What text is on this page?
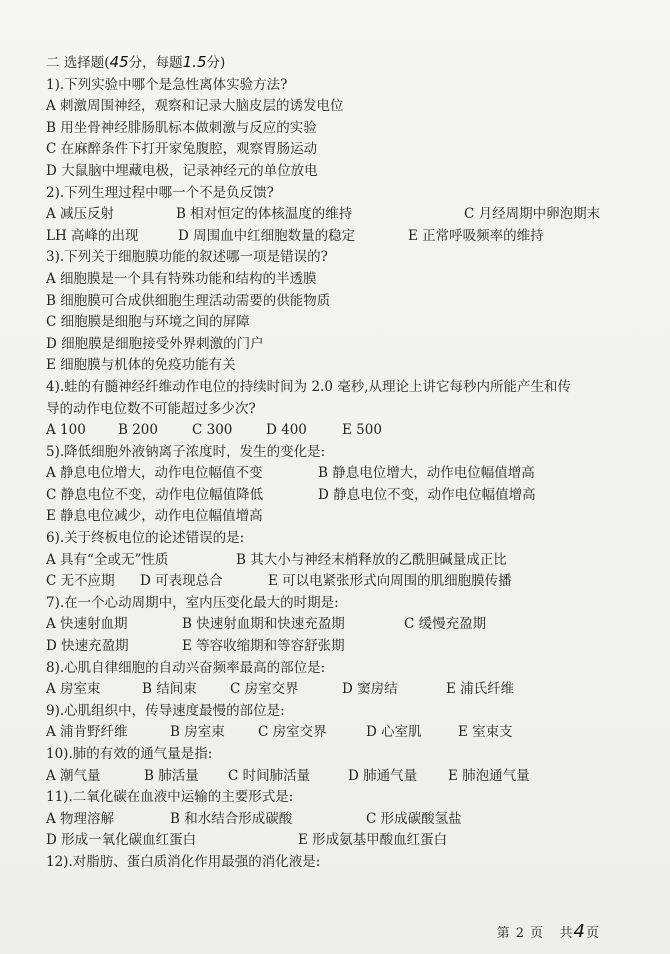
二 选择题(45分，每题1.5分)
1).下列实验中哪个是急性离体实验方法?
A 刺激周围神经，观察和记录大脑皮层的诱发电位
B 用坐骨神经腓肠肌标本做刺激与反应的实验
C 在麻醉条件下打开家兔腹腔，观察胃肠运动
D 大鼠脑中埋藏电极，记录神经元的单位放电
2).下列生理过程中哪一个不是负反馈?
A 减压反射	B 相对恒定的体核温度的维持	C 月经周期中卵泡期末
LH 高峰的出现	D 周围血中红细胞数量的稳定	E 正常呼吸频率的维持
3).下列关于细胞膜功能的叙述哪一项是错误的?
A 细胞膜是一个具有特殊功能和结构的半透膜
B 细胞膜可合成供细胞生理活动需要的供能物质
C 细胞膜是细胞与环境之间的屏障
D 细胞膜是细胞接受外界刺激的门户
E 细胞膜与机体的免疫功能有关
4).蛙的有髓神经纤维动作电位的持续时间为 2.0 毫秒,从理论上讲它每秒内所能产生和传
导的动作电位数不可能超过多少次?
A 100	B 200	C 300	D 400	E 500
5).降低细胞外液钠离子浓度时，发生的变化是:
A 静息电位增大，动作电位幅值不变	B 静息电位增大，动作电位幅值增高
C 静息电位不变，动作电位幅值降低	D 静息电位不变，动作电位幅值增高
E 静息电位减少，动作电位幅值增高
6).关于终板电位的论述错误的是:
A 具有“全或无”性质	B 其大小与神经末梢释放的乙酰胆碱量成正比
C 无不应期	D 可表现总合	E 可以电紧张形式向周围的肌细胞膜传播
7).在一个心动周期中，室内压变化最大的时期是:
A 快速射血期	B 快速射血期和快速充盈期	C 缓慢充盈期
D 快速充盈期	E 等容收缩期和等容舒张期
8).心肌自律细胞的自动兴奋频率最高的部位是:
A 房室束	B 结间束	C 房室交界	D 窦房结	E 浦氏纤维
9).心肌组织中，传导速度最慢的部位是:
A 浦肯野纤维	B 房室束	C 房室交界	D 心室肌	E 室束支
10).肺的有效的通气量是指:
A 潮气量	B 肺活量	C 时间肺活量	D 肺通气量	E 肺泡通气量
11).二氧化碳在血液中运输的主要形式是:
A 物理溶解	B 和水结合形成碳酸	C 形成碳酸氢盐
D 形成一氧化碳血红蛋白	E 形成氨基甲酸血红蛋白
12).对脂肪、蛋白质消化作用最强的消化液是:
第 2 页 共4页
